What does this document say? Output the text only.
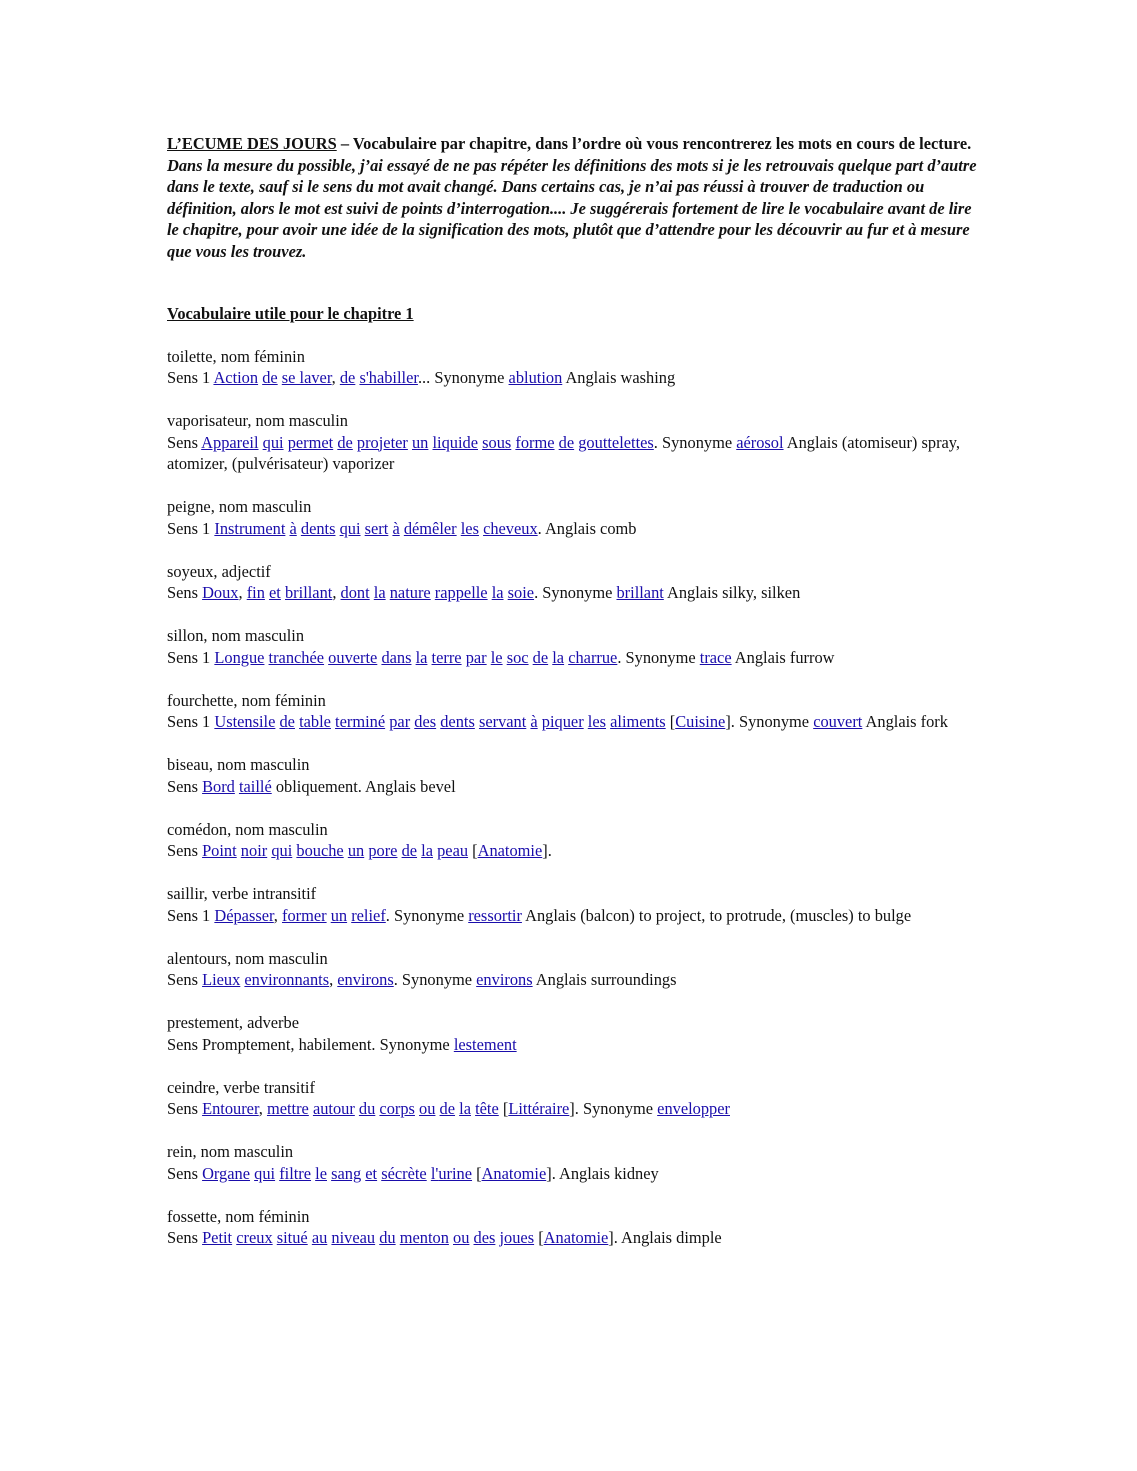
L’ECUME DES JOURS – Vocabulaire par chapitre, dans l’ordre où vous rencontrerez les mots en cours de lecture.

Dans la mesure du possible, j’ai essayé de ne pas répéter les définitions des mots si je les retrouvais quelque part d’autre dans le texte, sauf si le sens du mot avait changé. Dans certains cas, je n’ai pas réussi à trouver de traduction ou définition, alors le mot est suivi de points d’interrogation.... Je suggérerais fortement de lire le vocabulaire avant de lire le chapitre, pour avoir une idée de la signification des mots, plutôt que d’attendre pour les découvrir au fur et à mesure que vous les trouvez.

Vocabulaire utile pour le chapitre 1

toilette, nom féminin
Sens 1 Action de se laver, de s'habiller... Synonyme ablution Anglais washing
vaporisateur, nom masculin
Sens Appareil qui permet de projeter un liquide sous forme de gouttelettes. Synonyme aérosol Anglais (atomiseur) spray, atomizer, (pulvérisateur) vaporizer
peigne, nom masculin
Sens 1 Instrument à dents qui sert à démêler les cheveux. Anglais comb
soyeux, adjectif
Sens Doux, fin et brillant, dont la nature rappelle la soie. Synonyme brillant Anglais silky, silken
sillon, nom masculin
Sens 1 Longue tranchée ouverte dans la terre par le soc de la charrue. Synonyme trace Anglais furrow
fourchette, nom féminin
Sens 1 Ustensile de table terminé par des dents servant à piquer les aliments [Cuisine]. Synonyme couvert Anglais fork
biseau, nom masculin
Sens Bord taillé obliquement. Anglais bevel
comédon, nom masculin
Sens Point noir qui bouche un pore de la peau [Anatomie].
saillir, verbe intransitif
Sens 1 Dépasser, former un relief. Synonyme ressortir Anglais (balcon) to project, to protrude, (muscles) to bulge
alentours, nom masculin
Sens Lieux environnants, environs. Synonyme environs Anglais surroundings
prestement, adverbe
Sens Promptement, habilement. Synonyme lestement
ceindre, verbe transitif
Sens Entourer, mettre autour du corps ou de la tête [Littéraire]. Synonyme envelopper
rein, nom masculin
Sens Organe qui filtre le sang et sécrète l'urine [Anatomie]. Anglais kidney
fossette, nom féminin
Sens Petit creux situé au niveau du menton ou des joues [Anatomie]. Anglais dimple
